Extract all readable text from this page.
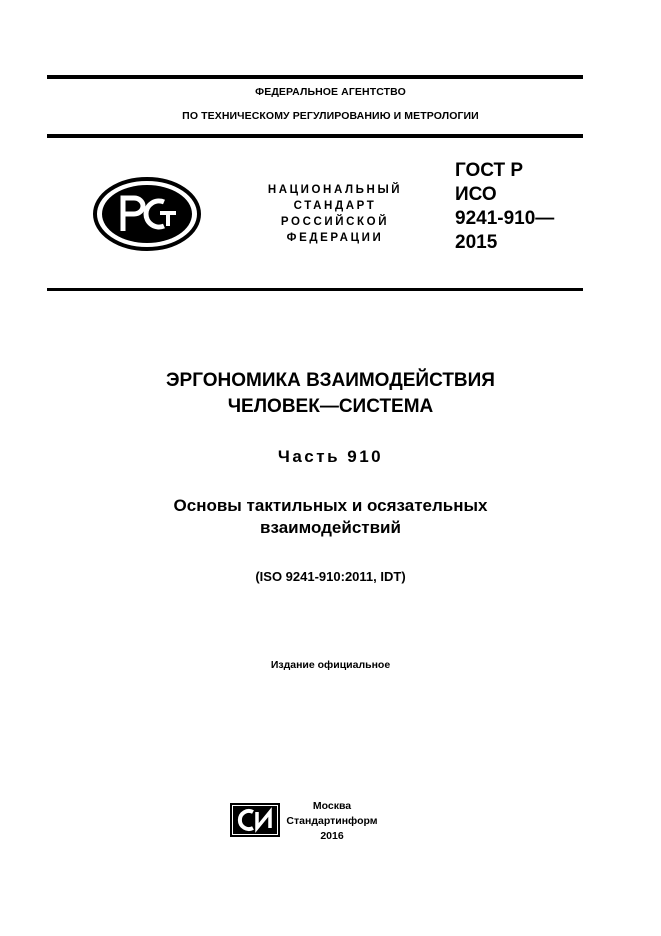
ФЕДЕРАЛЬНОЕ АГЕНТСТВО
ПО ТЕХНИЧЕСКОМУ РЕГУЛИРОВАНИЮ И МЕТРОЛОГИИ
НАЦИОНАЛЬНЫЙ
СТАНДАРТ
РОССИЙСКОЙ
ФЕДЕРАЦИИ
ГОСТ Р
ИСО
9241-910—
2015
ЭРГОНОМИКА ВЗАИМОДЕЙСТВИЯ
ЧЕЛОВЕК—СИСТЕМА
Часть 910
Основы тактильных и осязательных
взаимодействий
(ISO 9241-910:2011, IDT)
Издание официальное
Москва
Стандартинформ
2016
